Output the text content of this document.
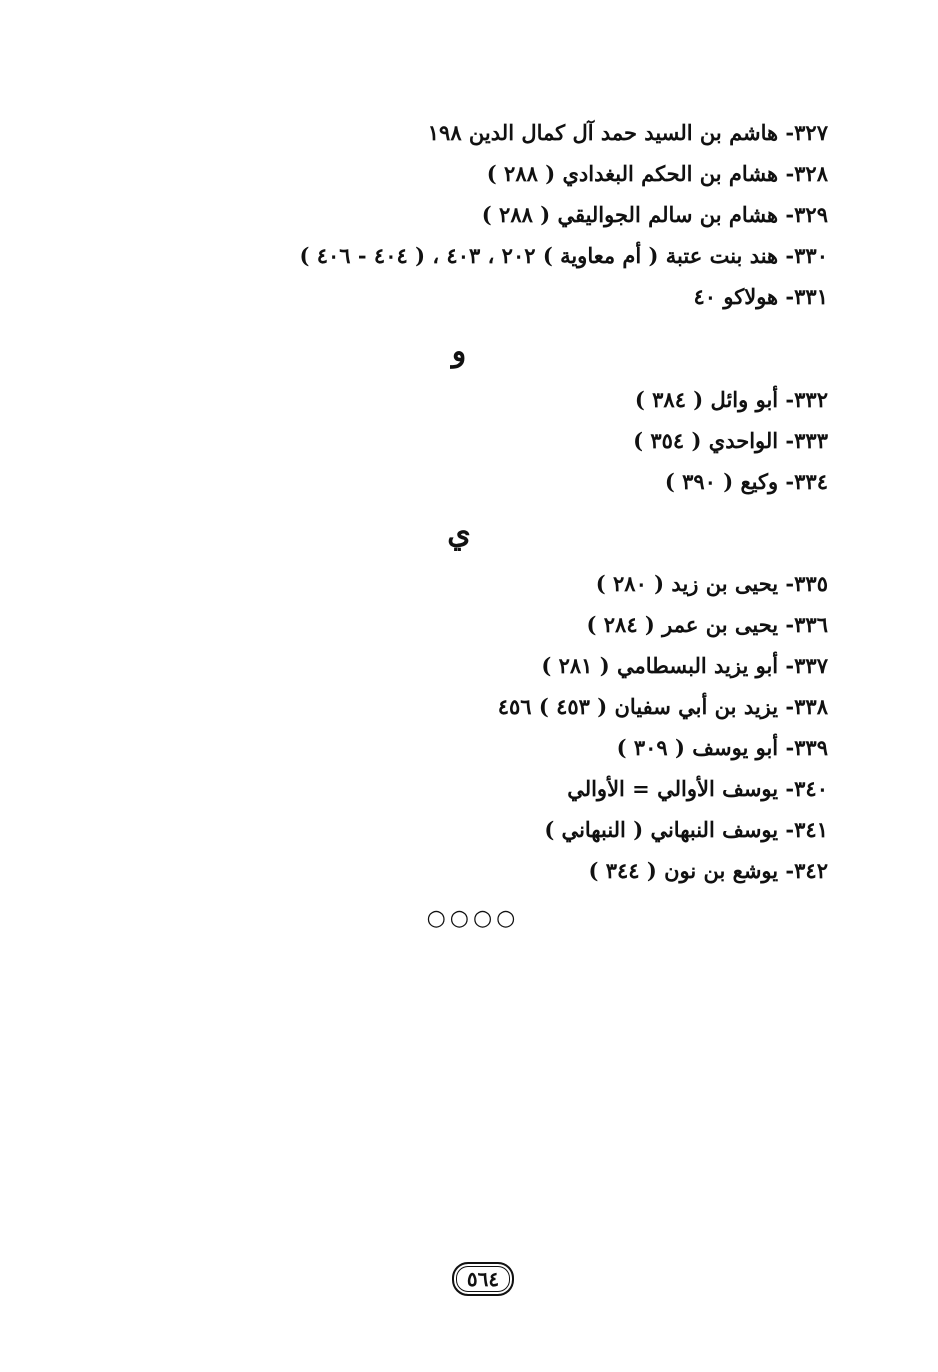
٣٢٧- هاشم بن السيد حمد آل كمال الدين ١٩٨
٣٢٨- هشام بن الحكم البغدادي ( ٢٨٨ )
٣٢٩- هشام بن سالم الجواليقي ( ٢٨٨ )
٣٣٠- هند بنت عتبة ( أم معاوية ) ٢٠٢ ، ٤٠٣ ، ( ٤٠٤ - ٤٠٦ )
٣٣١- هولاكو ٤٠
و
٣٣٢- أبو وائل ( ٣٨٤ )
٣٣٣- الواحدي ( ٣٥٤ )
٣٣٤- وكيع ( ٣٩٠ )
ي
٣٣٥- يحيى بن زيد ( ٢٨٠ )
٣٣٦- يحيى بن عمر ( ٢٨٤ )
٣٣٧- أبو يزيد البسطامي ( ٢٨١ )
٣٣٨- يزيد بن أبي سفيان ( ٤٥٣ ) ٤٥٦
٣٣٩- أبو يوسف ( ٣٠٩ )
٣٤٠- يوسف الأوالي = الأوالي
٣٤١- يوسف النبهاني ( النبهاني )
٣٤٢- يوشع بن نون ( ٣٤٤ )
○○○○
٥٦٤
